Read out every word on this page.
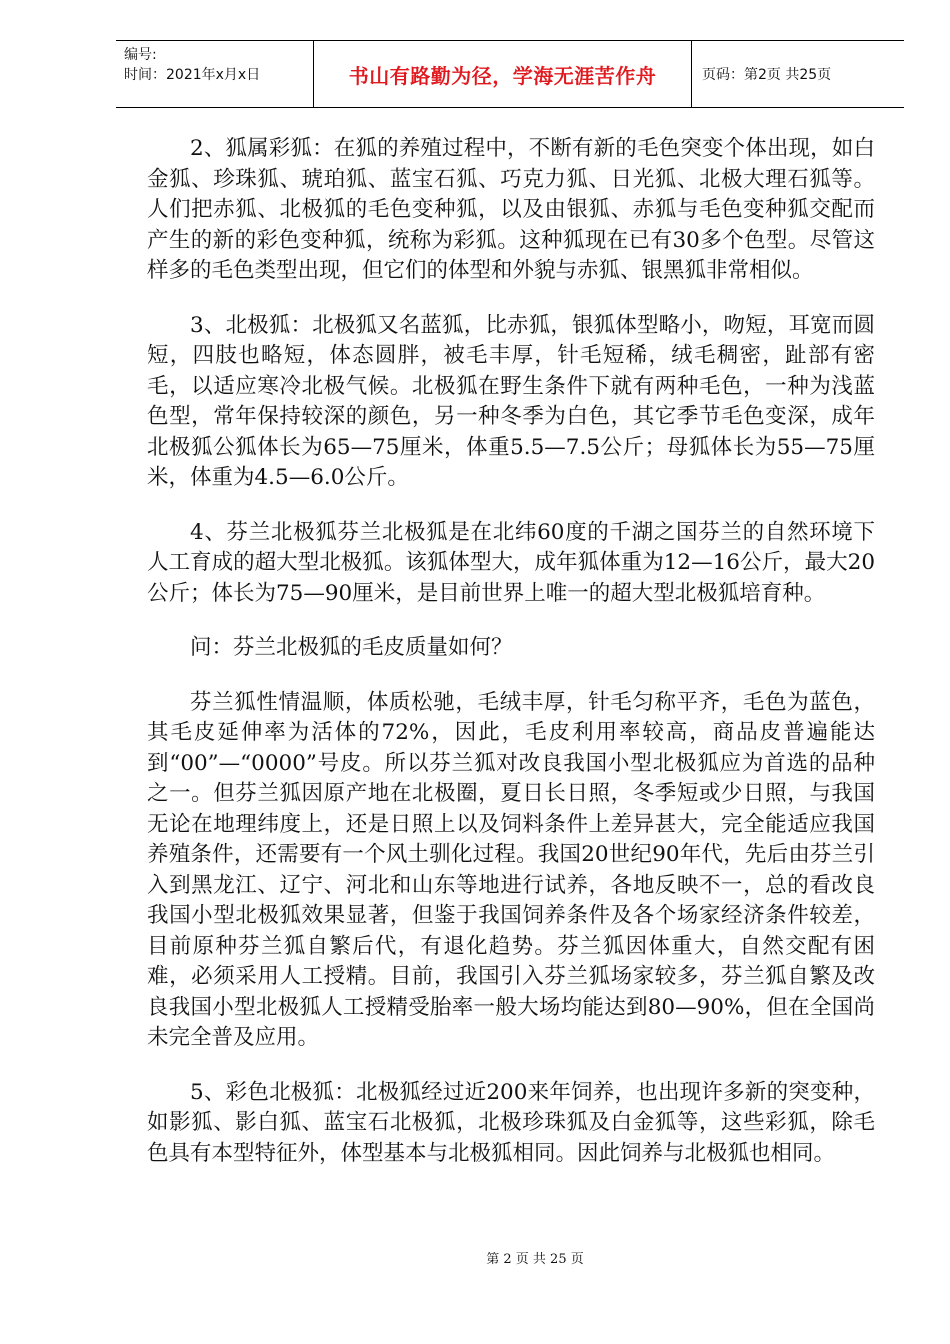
编号:
时间：2021年x月x日	书山有路勤为径，学海无涯苦作舟	页码：第2页 共25页

2、狐属彩狐：在狐的养殖过程中，不断有新的毛色突变个体出现，如白金狐、珍珠狐、琥珀狐、蓝宝石狐、巧克力狐、日光狐、北极大理石狐等。人们把赤狐、北极狐的毛色变种狐，以及由银狐、赤狐与毛色变种狐交配而产生的新的彩色变种狐，统称为彩狐。这种狐现在已有30多个色型。尽管这样多的毛色类型出现，但它们的体型和外貌与赤狐、银黑狐非常相似。

3、北极狐：北极狐又名蓝狐，比赤狐，银狐体型略小，吻短，耳宽而圆短，四肢也略短，体态圆胖，被毛丰厚，针毛短稀，绒毛稠密，趾部有密毛，以适应寒冷北极气候。北极狐在野生条件下就有两种毛色，一种为浅蓝色型，常年保持较深的颜色，另一种冬季为白色，其它季节毛色变深，成年北极狐公狐体长为65—75厘米，体重5.5—7.5公斤；母狐体长为55—75厘米，体重为4.5—6.0公斤。

4、芬兰北极狐芬兰北极狐是在北纬60度的千湖之国芬兰的自然环境下人工育成的超大型北极狐。该狐体型大，成年狐体重为12—16公斤，最大20公斤；体长为75—90厘米，是目前世界上唯一的超大型北极狐培育种。

问：芬兰北极狐的毛皮质量如何？

芬兰狐性情温顺，体质松驰，毛绒丰厚，针毛匀称平齐，毛色为蓝色，其毛皮延伸率为活体的72%，因此，毛皮利用率较高，商品皮普遍能达到“00”—“0000”号皮。所以芬兰狐对改良我国小型北极狐应为首选的品种之一。但芬兰狐因原产地在北极圈，夏日长日照，冬季短或少日照，与我国无论在地理纬度上，还是日照上以及饲料条件上差异甚大，完全能适应我国养殖条件，还需要有一个风土驯化过程。我国20世纪90年代，先后由芬兰引入到黑龙江、辽宁、河北和山东等地进行试养，各地反映不一，总的看改良我国小型北极狐效果显著，但鉴于我国饲养条件及各个场家经济条件较差，目前原种芬兰狐自繁后代，有退化趋势。芬兰狐因体重大，自然交配有困难，必须采用人工授精。目前，我国引入芬兰狐场家较多，芬兰狐自繁及改良我国小型北极狐人工授精受胎率一般大场均能达到80—90%，但在全国尚未完全普及应用。

5、彩色北极狐：北极狐经过近200来年饲养，也出现许多新的突变种，如影狐、影白狐、蓝宝石北极狐，北极珍珠狐及白金狐等，这些彩狐，除毛色具有本型特征外，体型基本与北极狐相同。因此饲养与北极狐也相同。

第 2 页 共 25 页
